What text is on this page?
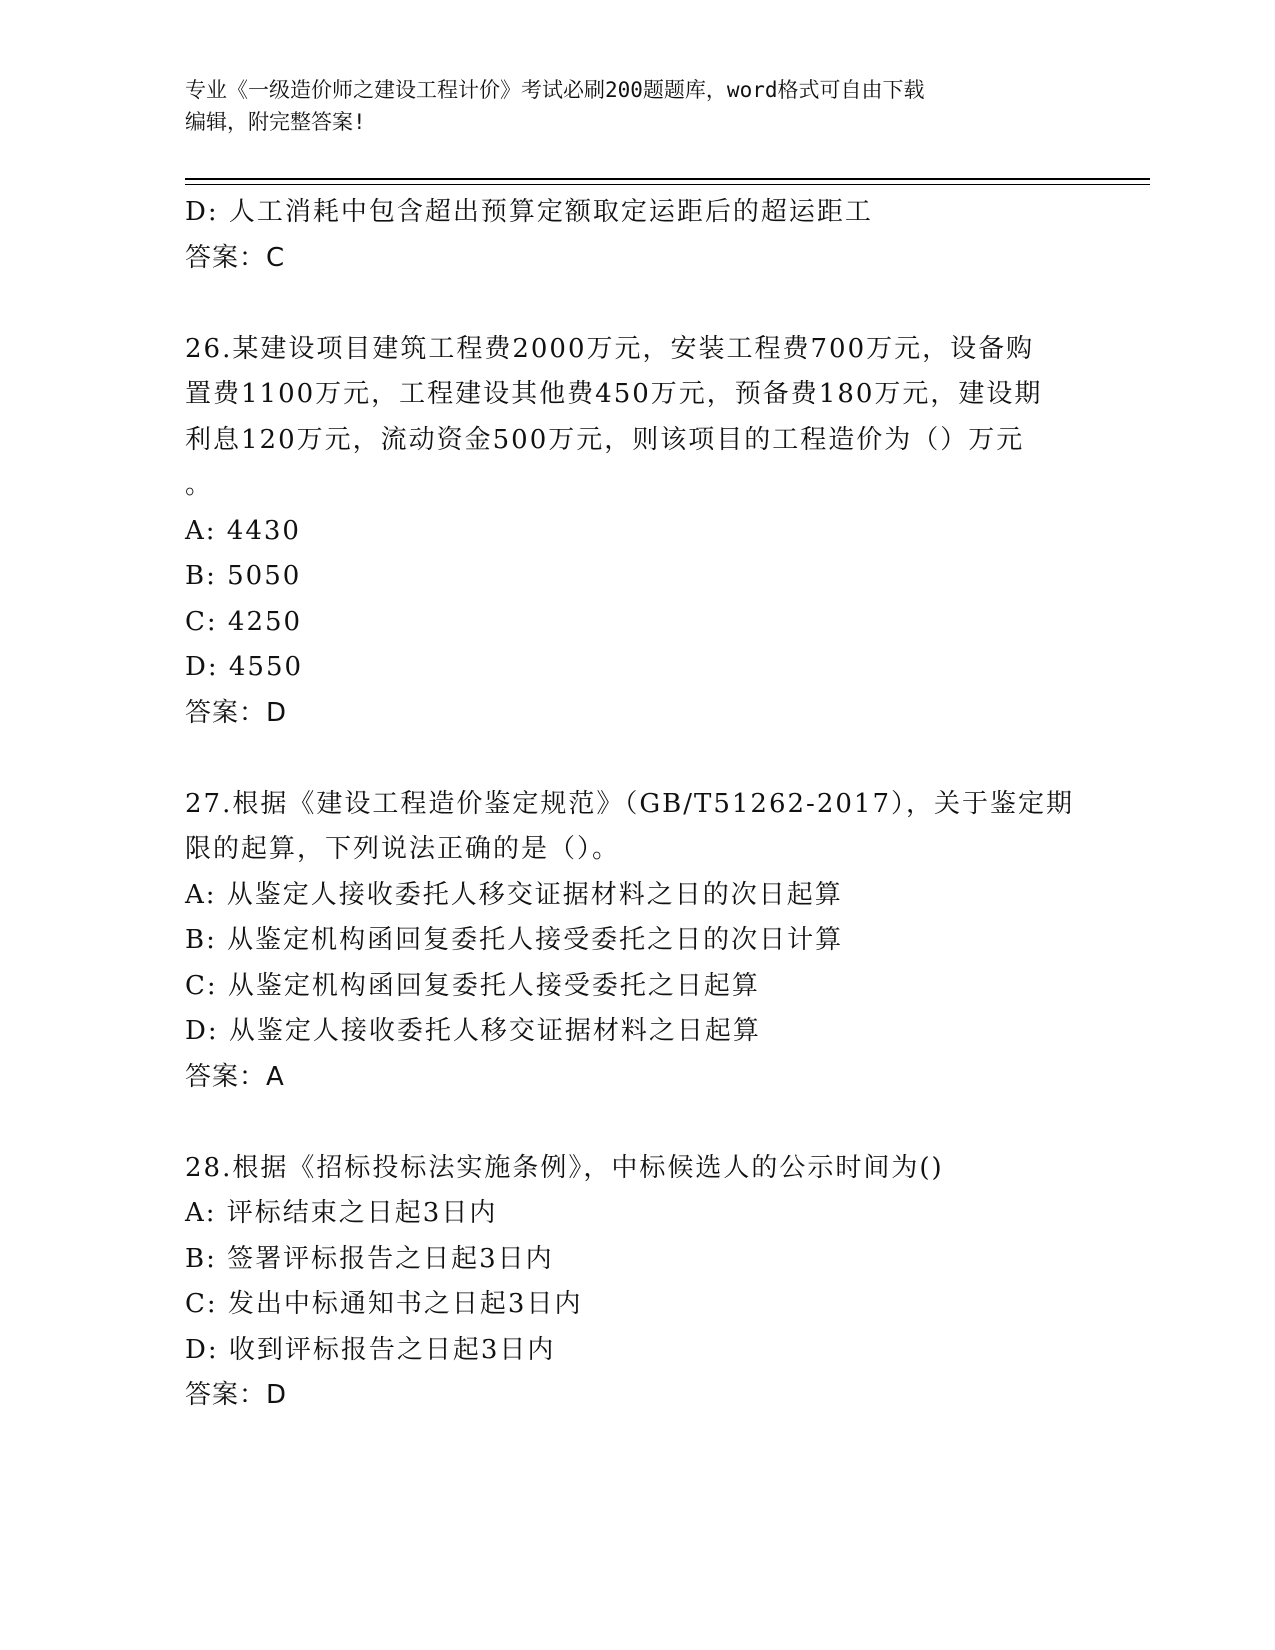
专业《一级造价师之建设工程计价》考试必刷200题题库，word格式可自由下载
编辑，附完整答案!
D: 人工消耗中包含超出预算定额取定运距后的超运距工
答案：C
26.某建设项目建筑工程费2000万元，安装工程费700万元，设备购
置费1100万元，工程建设其他费450万元，预备费180万元，建设期
利息120万元，流动资金500万元，则该项目的工程造价为（）万元
。
A: 4430
B: 5050
C: 4250
D: 4550
答案：D
27.根据《建设工程造价鉴定规范》（GB/T51262-2017），关于鉴定期
限的起算，下列说法正确的是（）。
A: 从鉴定人接收委托人移交证据材料之日的次日起算
B: 从鉴定机构函回复委托人接受委托之日的次日计算
C: 从鉴定机构函回复委托人接受委托之日起算
D: 从鉴定人接收委托人移交证据材料之日起算
答案：A
28.根据《招标投标法实施条例》，中标候选人的公示时间为()
A: 评标结束之日起3日内
B: 签署评标报告之日起3日内
C: 发出中标通知书之日起3日内
D: 收到评标报告之日起3日内
答案：D
